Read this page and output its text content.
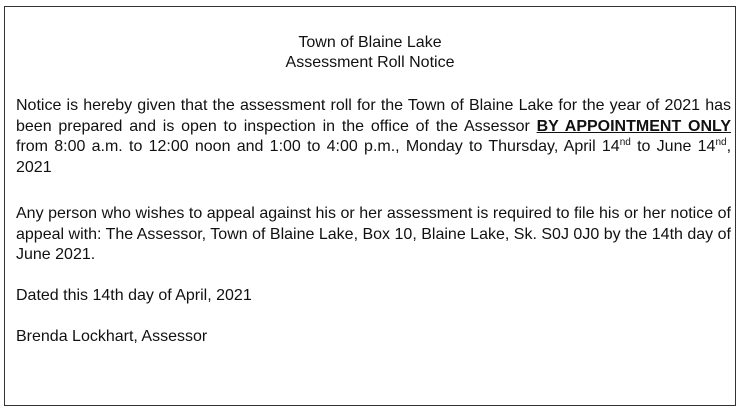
Town of Blaine Lake
Assessment Roll Notice

Notice is hereby given that the assessment roll for the Town of Blaine Lake for the year of 2021 has been prepared and is open to inspection in the office of the Assessor BY APPOINTMENT ONLY from 8:00 a.m. to 12:00 noon and 1:00 to 4:00 p.m., Monday to Thursday, April 14nd to June 14nd, 2021

Any person who wishes to appeal against his or her assessment is required to file his or her notice of appeal with: The Assessor, Town of Blaine Lake, Box 10, Blaine Lake, Sk. S0J 0J0 by the 14th day of June 2021.

Dated this 14th day of April, 2021

Brenda Lockhart, Assessor
